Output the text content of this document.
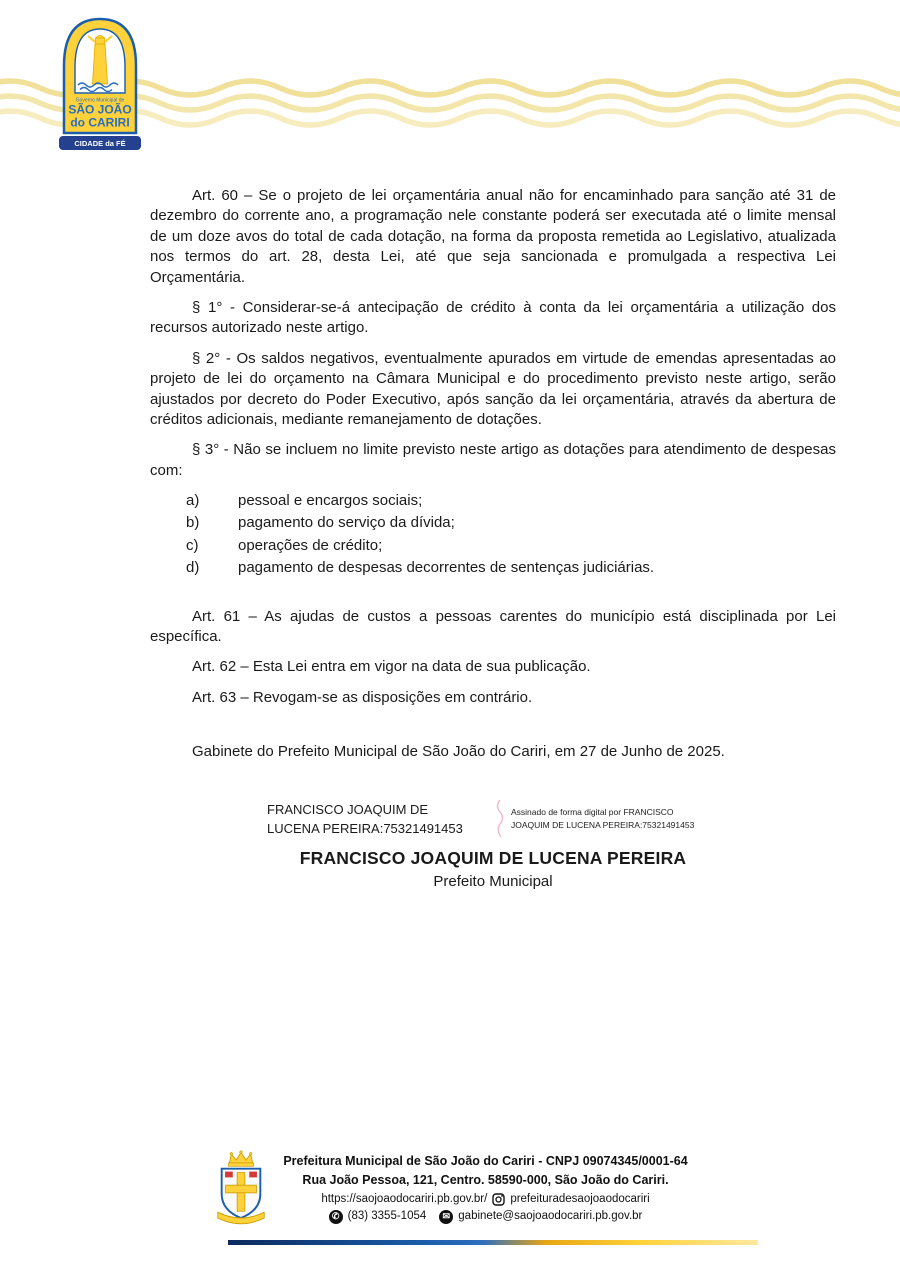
Governo Municipal de
SÃO JOÃO
do CARIRI
CIDADE da FÉ

Art. 60 – Se o projeto de lei orçamentária anual não for encaminhado para sanção até 31 de dezembro do corrente ano, a programação nele constante poderá ser executada até o limite mensal de um doze avos do total de cada dotação, na forma da proposta remetida ao Legislativo, atualizada nos termos do art. 28, desta Lei, até que seja sancionada e promulgada a respectiva Lei Orçamentária.

§ 1° - Considerar-se-á antecipação de crédito à conta da lei orçamentária a utilização dos recursos autorizado neste artigo.

§ 2° - Os saldos negativos, eventualmente apurados em virtude de emendas apresentadas ao projeto de lei do orçamento na Câmara Municipal e do procedimento previsto neste artigo, serão ajustados por decreto do Poder Executivo, após sanção da lei orçamentária, através da abertura de créditos adicionais, mediante remanejamento de dotações.

§ 3° - Não se incluem no limite previsto neste artigo as dotações para atendimento de despesas com:

a)	pessoal e encargos sociais;
b)	pagamento do serviço da dívida;
c)	operações de crédito;
d)	pagamento de despesas decorrentes de sentenças judiciárias.

Art. 61 – As ajudas de custos a pessoas carentes do município está disciplinada por Lei específica.

Art. 62 – Esta Lei entra em vigor na data de sua publicação.

Art. 63 – Revogam-se as disposições em contrário.

Gabinete do Prefeito Municipal de São João do Cariri, em 27 de Junho de 2025.

FRANCISCO JOAQUIM DE
LUCENA PEREIRA:75321491453
Assinado de forma digital por FRANCISCO
JOAQUIM DE LUCENA PEREIRA:75321491453
FRANCISCO JOAQUIM DE LUCENA PEREIRA
Prefeito Municipal
Prefeitura Municipal de São João do Cariri - CNPJ 09074345/0001-64
Rua João Pessoa, 121, Centro. 58590-000, São João do Cariri.
https://saojoaodocariri.pb.gov.br/ prefeituradesaojoaodocariri
✆ (83) 3355-1054	✉ gabinete@saojoaodocariri.pb.gov.br
